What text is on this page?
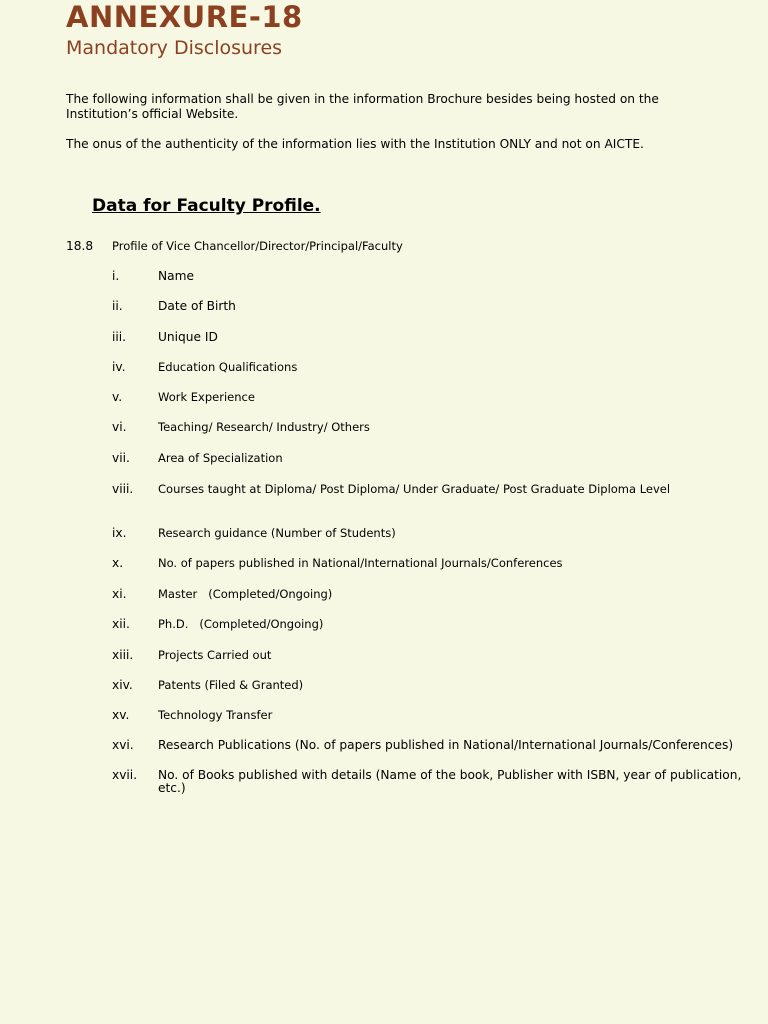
ANNEXURE-18
Mandatory Disclosures
The following information shall be given in the information Brochure besides being hosted on the Institution’s official Website.
The onus of the authenticity of the information lies with the Institution ONLY and not on AICTE.
Data for Faculty Profile.
18.8 Profile of Vice Chancellor/Director/Principal/Faculty
i.	Name
ii.	Date of Birth
iii.	Unique ID
iv.	Education Qualifications
v.	Work Experience
vi.	Teaching/ Research/ Industry/ Others
vii. Area of Specialization
viii. Courses taught at Diploma/ Post Diploma/ Under Graduate/ Post Graduate Diploma Level
ix.	Research guidance (Number of Students)
x.	No. of papers published in National/International Journals/Conferences
xi.	Master   (Completed/Ongoing)
xii. Ph.D.   (Completed/Ongoing)
xiii. Projects Carried out
xiv. Patents (Filed & Granted)
xv. Technology Transfer
xvi. Research Publications (No. of papers published in National/International Journals/Conferences)
xvii. No. of Books published with details (Name of the book, Publisher with ISBN, year of publication, etc.)
